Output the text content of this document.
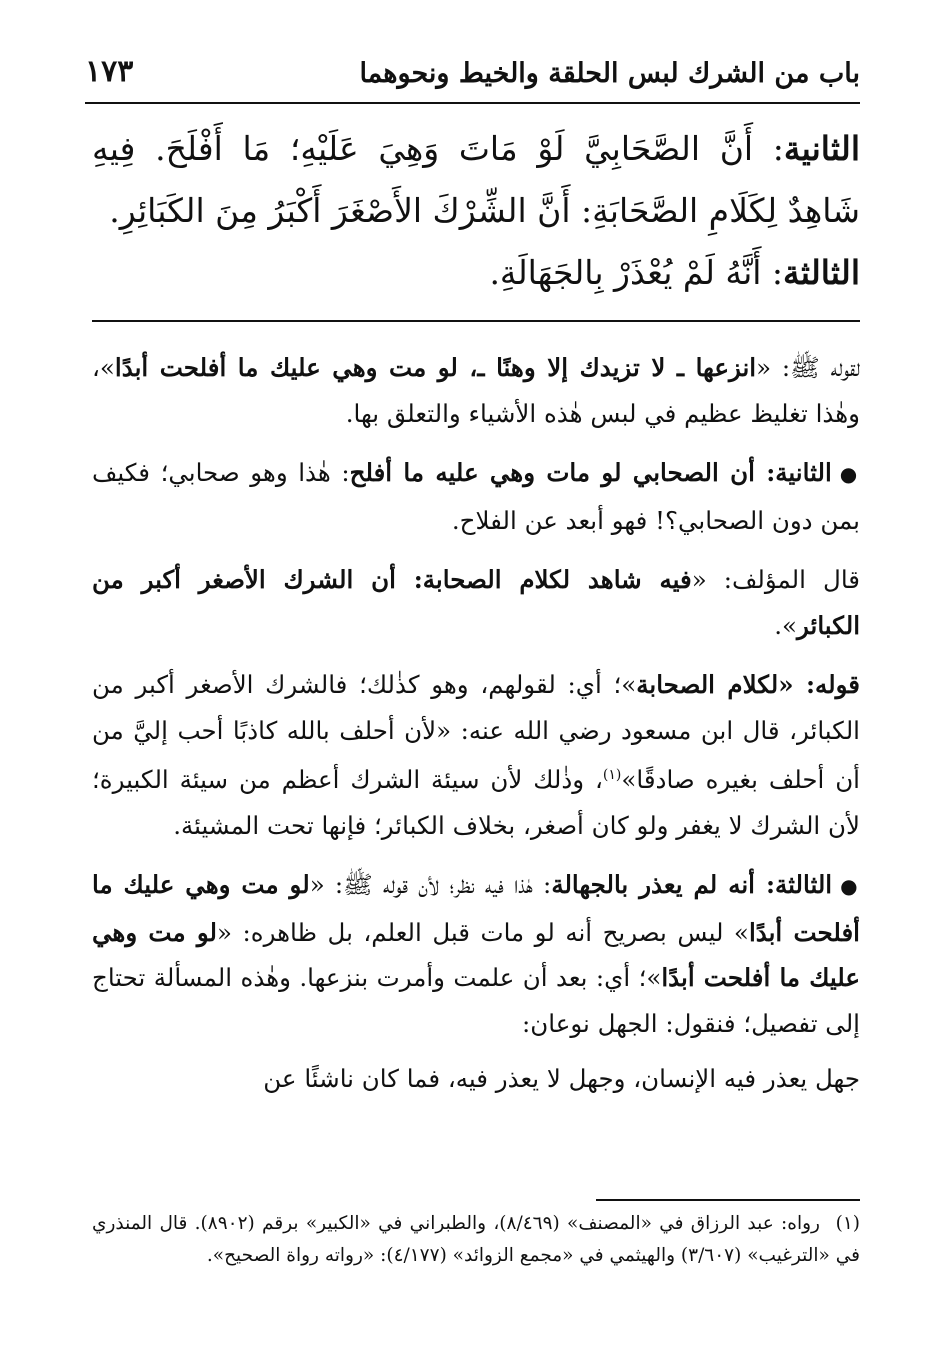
باب من الشرك لبس الحلقة والخيط ونحوهما
١٧٣

الثانية: أَنَّ الصَّحَابِيَّ لَوْ مَاتَ وَهِيَ عَلَيْهِ؛ مَا أَفْلَحَ. فِيهِ شَاهِدٌ لِكَلَامِ الصَّحَابَةِ: أَنَّ الشِّرْكَ الأَصْغَرَ أَكْبَرُ مِنَ الكَبَائِرِ.

الثالثة: أَنَّهُ لَمْ يُعْذَرْ بِالجَهَالَةِ.

لقوله ﷺ: «انزعها ـ لا تزيدك إلا وهنًا ـ، لو مت وهي عليك ما أفلحت أبدًا»، وهٰذا تغليظ عظيم في لبس هٰذه الأشياء والتعلق بها.

●الثانية: أن الصحابي لو مات وهي عليه ما أفلح: هٰذا وهو صحابي؛ فكيف بمن دون الصحابي؟! فهو أبعد عن الفلاح.

قال المؤلف: «فيه شاهد لكلام الصحابة: أن الشرك الأصغر أكبر من الكبائر».

قوله: «لكلام الصحابة»؛ أي: لقولهم، وهو كذٰلك؛ فالشرك الأصغر أكبر من الكبائر، قال ابن مسعود رضي الله عنه: «لأن أحلف بالله كاذبًا أحب إليَّ من أن أحلف بغيره صادقًا»$^{(١)}$، وذٰلك لأن سيئة الشرك أعظم من سيئة الكبيرة؛ لأن الشرك لا يغفر ولو كان أصغر، بخلاف الكبائر؛ فإنها تحت المشيئة.

●الثالثة: أنه لم يعذر بالجهالة: هٰذا فيه نظر؛ لأن قوله ﷺ: «لو مت وهي عليك ما أفلحت أبدًا» ليس بصريح أنه لو مات قبل العلم، بل ظاهره: «لو مت وهي عليك ما أفلحت أبدًا»؛ أي: بعد أن علمت وأمرت بنزعها. وهٰذه المسألة تحتاج إلى تفصيل؛ فنقول: الجهل نوعان:

جهل يعذر فيه الإنسان، وجهل لا يعذر فيه، فما كان ناشئًا عن

(١)رواه: عبد الرزاق في «المصنف» (٨/٤٦٩)، والطبراني في «الكبير» برقم (٨٩٠٢). قال المنذري في «الترغيب» (٣/٦٠٧) والهيثمي في «مجمع الزوائد» (٤/١٧٧): «رواته رواة الصحيح».
